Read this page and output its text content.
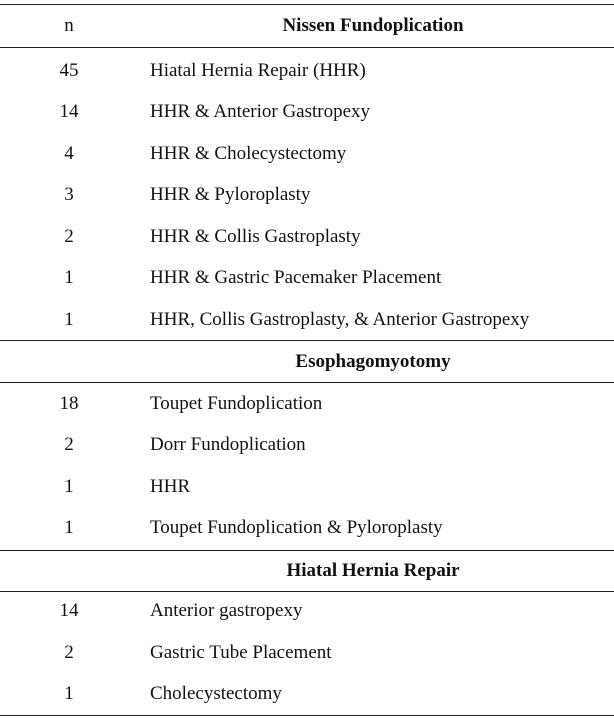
n	Nissen Fundoplication
45	Hiatal Hernia Repair (HHR)
14	HHR & Anterior Gastropexy
4	HHR & Cholecystectomy
3	HHR & Pyloroplasty
2	HHR & Collis Gastroplasty
1	HHR & Gastric Pacemaker Placement
1	HHR, Collis Gastroplasty, & Anterior Gastropexy
Esophagomyotomy
18	Toupet Fundoplication
2	Dorr Fundoplication
1	HHR
1	Toupet Fundoplication & Pyloroplasty
Hiatal Hernia Repair
14	Anterior gastropexy
2	Gastric Tube Placement
1	Cholecystectomy
